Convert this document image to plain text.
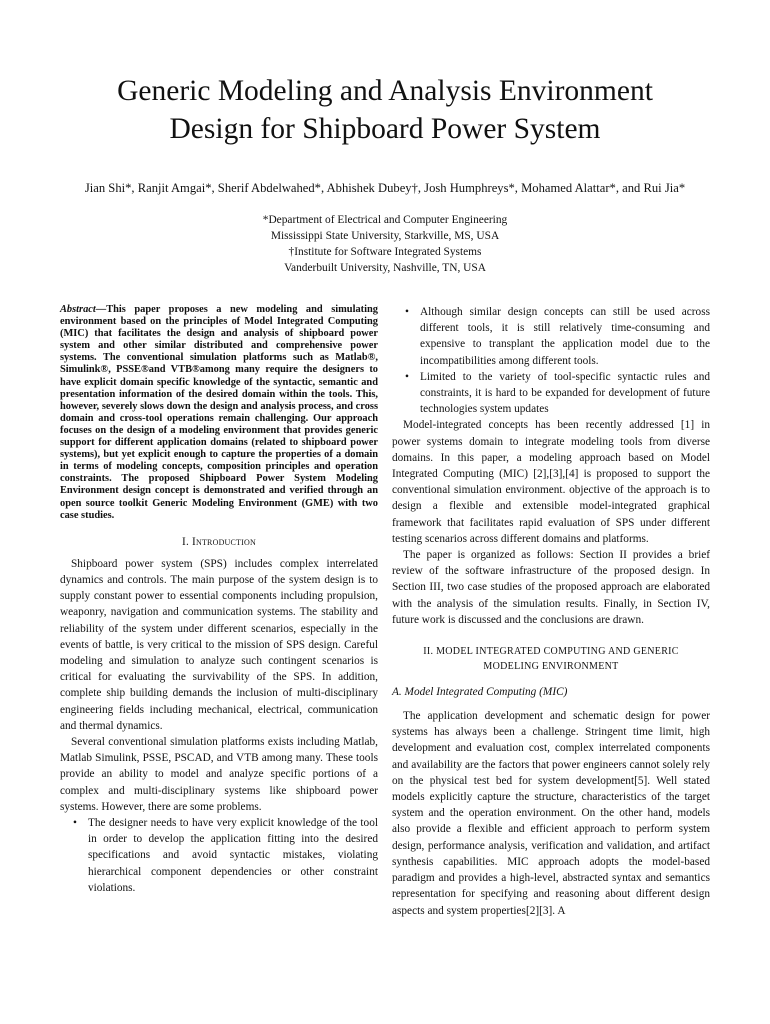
Generic Modeling and Analysis Environment
Design for Shipboard Power System
Jian Shi*, Ranjit Amgai*, Sherif Abdelwahed*, Abhishek Dubey†, Josh Humphreys*, Mohamed Alattar*, and Rui Jia*
*Department of Electrical and Computer Engineering
Mississippi State University, Starkville, MS, USA
†Institute for Software Integrated Systems
Vanderbuilt University, Nashville, TN, USA
Abstract—This paper proposes a new modeling and simulating environment based on the principles of Model Integrated Computing (MIC) that facilitates the design and analysis of shipboard power system and other similar distributed and comprehensive power systems. The conventional simulation platforms such as Matlab®, Simulink®, PSSE®and VTB®among many require the designers to have explicit domain specific knowledge of the syntactic, semantic and presentation information of the desired domain within the tools. This, however, severely slows down the design and analysis process, and cross domain and cross-tool operations remain challenging. Our approach focuses on the design of a modeling environment that provides generic support for different application domains (related to shipboard power systems), but yet explicit enough to capture the properties of a domain in terms of modeling concepts, composition principles and operation constraints. The proposed Shipboard Power System Modeling Environment design concept is demonstrated and verified through an open source toolkit Generic Modeling Environment (GME) with two case studies.
I. Introduction

Shipboard power system (SPS) includes complex interrelated dynamics and controls. The main purpose of the system design is to supply constant power to essential components including propulsion, weaponry, navigation and communication systems. The stability and reliability of the system under different scenarios, especially in the events of battle, is very critical to the mission of SPS design. Careful modeling and simulation to analyze such contingent scenarios is critical for evaluating the survivability of the SPS. In addition, complete ship building demands the inclusion of multi-disciplinary engineering fields including mechanical, electrical, communication and thermal dynamics.

Several conventional simulation platforms exists including Matlab, Matlab Simulink, PSSE, PSCAD, and VTB among many. These tools provide an ability to model and analyze specific portions of a complex and multi-disciplinary systems like shipboard power systems. However, there are some problems.

• The designer needs to have very explicit knowledge of the tool in order to develop the application fitting into the desired specifications and avoid syntactic mistakes, violating hierarchical component dependencies or other constraint violations.
• Although similar design concepts can still be used across different tools, it is still relatively time-consuming and expensive to transplant the application model due to the incompatibilities among different tools.
• Limited to the variety of tool-specific syntactic rules and constraints, it is hard to be expanded for development of future technologies system updates

Model-integrated concepts has been recently addressed [1] in power systems domain to integrate modeling tools from diverse domains. In this paper, a modeling approach based on Model Integrated Computing (MIC) [2],[3],[4] is proposed to support the conventional simulation environment. objective of the approach is to design a flexible and extensible model-integrated graphical framework that facilitates rapid evaluation of SPS under different testing scenarios across different domains and platforms.

The paper is organized as follows: Section II provides a brief review of the software infrastructure of the proposed design. In Section III, two case studies of the proposed approach are elaborated with the analysis of the simulation results. Finally, in Section IV, future work is discussed and the conclusions are drawn.

II. MODEL INTEGRATED COMPUTING AND GENERIC
MODELING ENVIRONMENT
A. Model Integrated Computing (MIC)

The application development and schematic design for power systems has always been a challenge. Stringent time limit, high development and evaluation cost, complex interrelated components and availability are the factors that power engineers cannot solely rely on the physical test bed for system development[5]. Well stated models explicitly capture the structure, characteristics of the target system and the operation environment. On the other hand, models also provide a flexible and efficient approach to perform system design, performance analysis, verification and validation, and artifact synthesis capabilities. MIC approach adopts the model-based paradigm and provides a high-level, abstracted syntax and semantics representation for specifying and reasoning about different design aspects and system properties[2][3]. A
